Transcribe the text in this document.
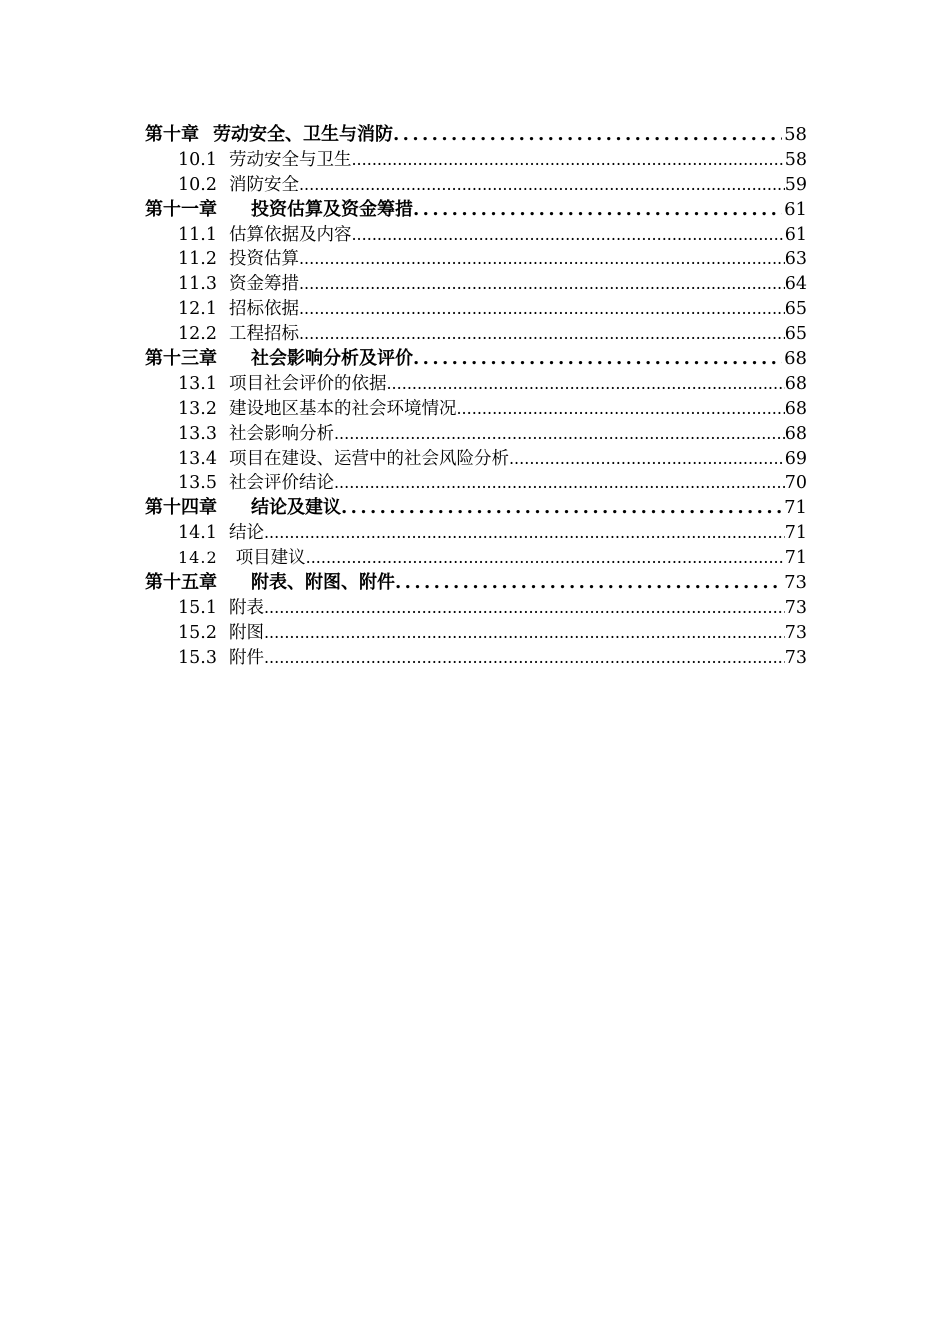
第十章 劳动安全、卫生与消防 .....	58
10.1 劳动安全与卫生 .....	58
10.2 消防安全 .....	59
第十一章 投资估算及资金筹措 .....	61
11.1 估算依据及内容 .....	61
11.2 投资估算 .....	63
11.3 资金筹措 .....	64
12.1 招标依据 .....	65
12.2 工程招标 .....	65
第十三章 社会影响分析及评价 .....	68
13.1 项目社会评价的依据 .....	68
13.2 建设地区基本的社会环境情况 .....	68
13.3 社会影响分析 .....	68
13.4 项目在建设、运营中的社会风险分析 .....	69
13.5 社会评价结论 .....	70
第十四章 结论及建议 .....	71
14.1 结论 .....	71
14.2 项目建议 .....	71
第十五章 附表、附图、附件 .....	73
15.1 附表 .....	73
15.2 附图 .....	73
15.3 附件 .....	73
